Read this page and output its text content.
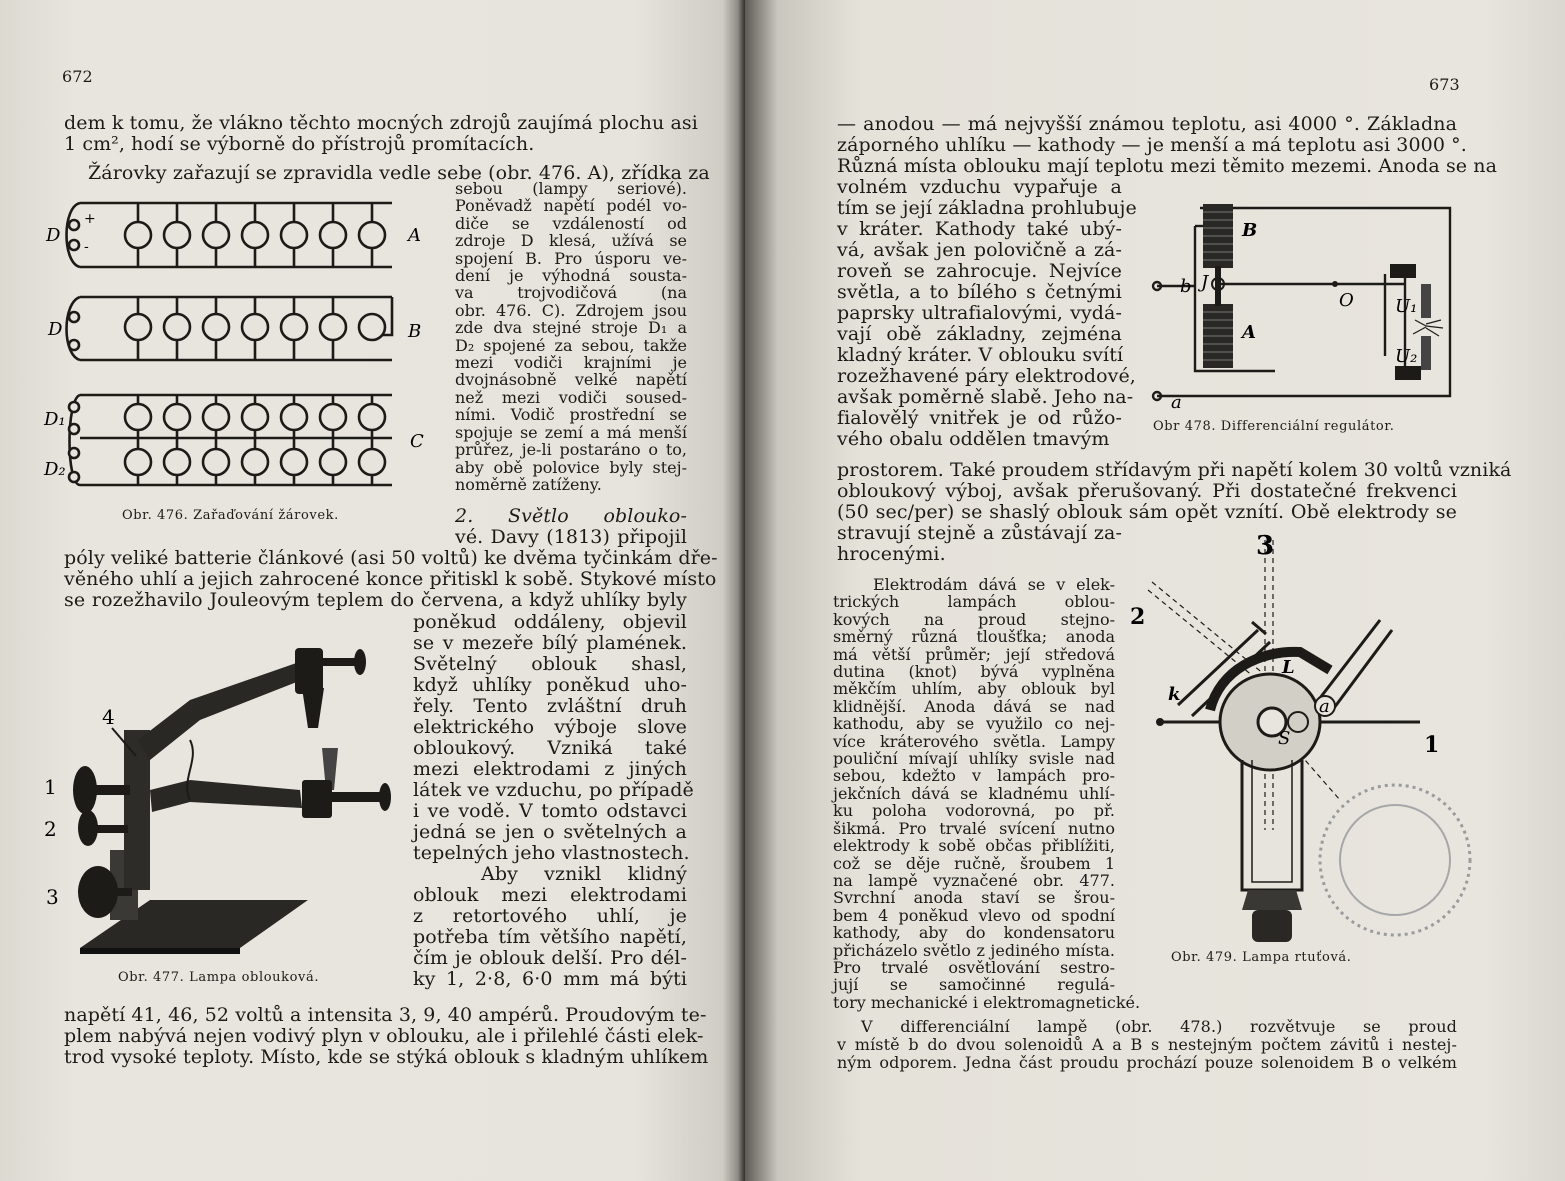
672
dem k tomu, že vlákno těchto mocných zdrojů zaujímá plochu asi
1 cm², hodí se výborně do přístrojů promítacích.
Žárovky zařazují se zpravidla vedle sebe (obr. 476. A), zřídka za
D	A
D	B
D₁
C
D₂
+
-
sebou (lampy seriové).
Poněvadž napětí podél vo-
diče se vzdáleností od
zdroje D klesá, užívá se
spojení B. Pro úsporu ve-
dení je výhodná sousta-
va trojvodičová (na
obr. 476. C). Zdrojem jsou
zde dva stejné stroje D₁ a
D₂ spojené za sebou, takže
mezi vodiči krajními je
dvojnásobně velké napětí
než mezi vodiči soused-
ními. Vodič prostřední se
spojuje se zemí a má menší
průřez, je-li postaráno o to,
aby obě polovice byly stej-
noměrně zatíženy.
Obr. 476. Zařaďování žárovek.	2. Světlo oblouko-
vé. Davy (1813) připojil
póly veliké batterie článkové (asi 50 voltů) ke dvěma tyčinkám dře-
věného uhlí a jejich zahrocené konce přitiskl k sobě. Stykové místo
se rozežhavilo Jouleovým teplem do červena, a když uhlíky byly
4
1
2
3
Obr. 477. Lampa oblouková.
poněkud oddáleny, objevil
se v mezeře bílý plamének.
Světelný oblouk shasl,
když uhlíky poněkud uho-
řely. Tento zvláštní druh
elektrického výboje slove
obloukový. Vzniká také
mezi elektrodami z jiných
látek ve vzduchu, po případě
i ve vodě. V tomto odstavci
jedná se jen o světelných a
tepelných jeho vlastnostech.
Aby vznikl klidný
oblouk mezi elektrodami
z retortového uhlí, je
potřeba tím většího napětí,
čím je oblouk delší. Pro dél-
ky 1, 2·8, 6·0 mm má býti
napětí 41, 46, 52 voltů a intensita 3, 9, 40 ampérů. Proudovým te-
plem nabývá nejen vodivý plyn v oblouku, ale i přilehlé části elek-
trod vysoké teploty. Místo, kde se stýká oblouk s kladným uhlíkem
673
— anodou — má nejvyšší známou teplotu, asi 4000 °. Základna
záporného uhlíku — kathody — je menší a má teplotu asi 3000 °.
Různá místa oblouku mají teplotu mezi těmito mezemi. Anoda se na
volném vzduchu vypařuje a
tím se její základna prohlubuje
v kráter. Kathody také ubý-
vá, avšak jen polovičně a zá-
roveň se zahrocuje. Nejvíce
světla, a to bílého s četnými
paprsky ultrafialovými, vydá-
vají obě základny, zejména
kladný kráter. V oblouku svítí
rozežhavené páry elektrodové,
avšak poměrně slabě. Jeho na-
fialovělý vnitřek je od růžo-
vého obalu oddělen tmavým
B
A
b J
O U₁
U₂
a
Obr 478. Differenciální regulátor.
prostorem. Také proudem střídavým při napětí kolem 30 voltů vzniká
obloukový výboj, avšak přerušovaný. Při dostatečné frekvenci
(50 sec/per) se shaslý oblouk sám opět vznítí. Obě elektrody se
stravují stejně a zůstávají za-
hrocenými.
Elektrodám dává se v elek-
trických lampách oblou-
kových na proud stejno-
směrný různá tloušťka; anoda
má větší průměr; její středová
dutina (knot) bývá vyplněna
měkčím uhlím, aby oblouk byl
klidnější. Anoda dává se nad
kathodu, aby se využilo co nej-
více kráterového světla. Lampy
pouliční mívají uhlíky svisle nad
sebou, kdežto v lampách pro-
jekčních dává se kladnému uhlí-
ku poloha vodorovná, po př.
šikmá. Pro trvalé svícení nutno
elektrody k sobě občas přiblížiti,
což se děje ručně, šroubem 1
na lampě vyznačené obr. 477.
Svrchní anoda staví se šrou-
bem 4 poněkud vlevo od spodní
kathody, aby do kondensatoru
přicházelo světlo z jediného místa.
Pro trvalé osvětlování sestro-
jují se samočinné regulá-
tory mechanické i elektromagnetické.
3
2
L
k
a
S	1
Obr. 479. Lampa rtuťová.
V differenciální lampě (obr. 478.) rozvětvuje se proud
v místě b do dvou solenoidů A a B s nestejným počtem závitů i nestej-
ným odporem. Jedna část proudu prochází pouze solenoidem B o velkém
